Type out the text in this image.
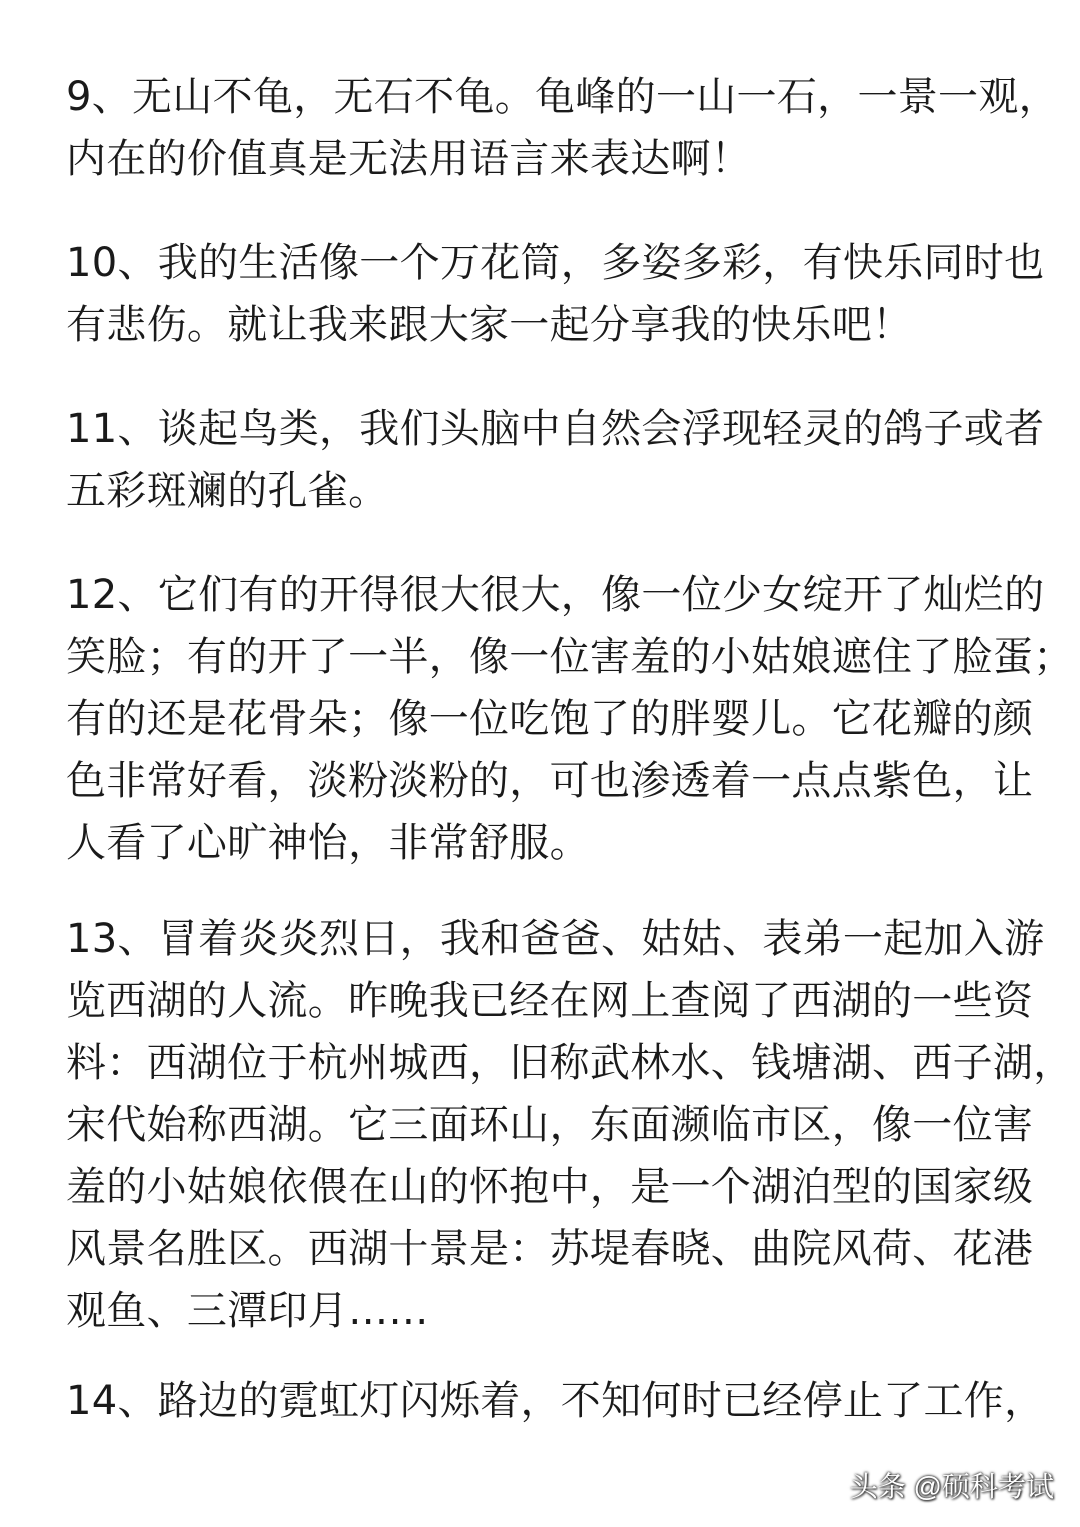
9、无山不龟，无石不龟。龟峰的一山一石，一景一观，
内在的价值真是无法用语言来表达啊！

10、我的生活像一个万花筒，多姿多彩，有快乐同时也
有悲伤。就让我来跟大家一起分享我的快乐吧！

11、谈起鸟类，我们头脑中自然会浮现轻灵的鸽子或者
五彩斑斓的孔雀。

12、它们有的开得很大很大，像一位少女绽开了灿烂的
笑脸；有的开了一半，像一位害羞的小姑娘遮住了脸蛋；
有的还是花骨朵；像一位吃饱了的胖婴儿。它花瓣的颜
色非常好看，淡粉淡粉的，可也渗透着一点点紫色，让
人看了心旷神怡，非常舒服。

13、冒着炎炎烈日，我和爸爸、姑姑、表弟一起加入游
览西湖的人流。昨晚我已经在网上查阅了西湖的一些资
料：西湖位于杭州城西，旧称武林水、钱塘湖、西子湖，
宋代始称西湖。它三面环山，东面濒临市区，像一位害
羞的小姑娘依偎在山的怀抱中，是一个湖泊型的国家级
风景名胜区。西湖十景是：苏堤春晓、曲院风荷、花港
观鱼、三潭印月……

14、路边的霓虹灯闪烁着，不知何时已经停止了工作，

头条 @硕科考试
